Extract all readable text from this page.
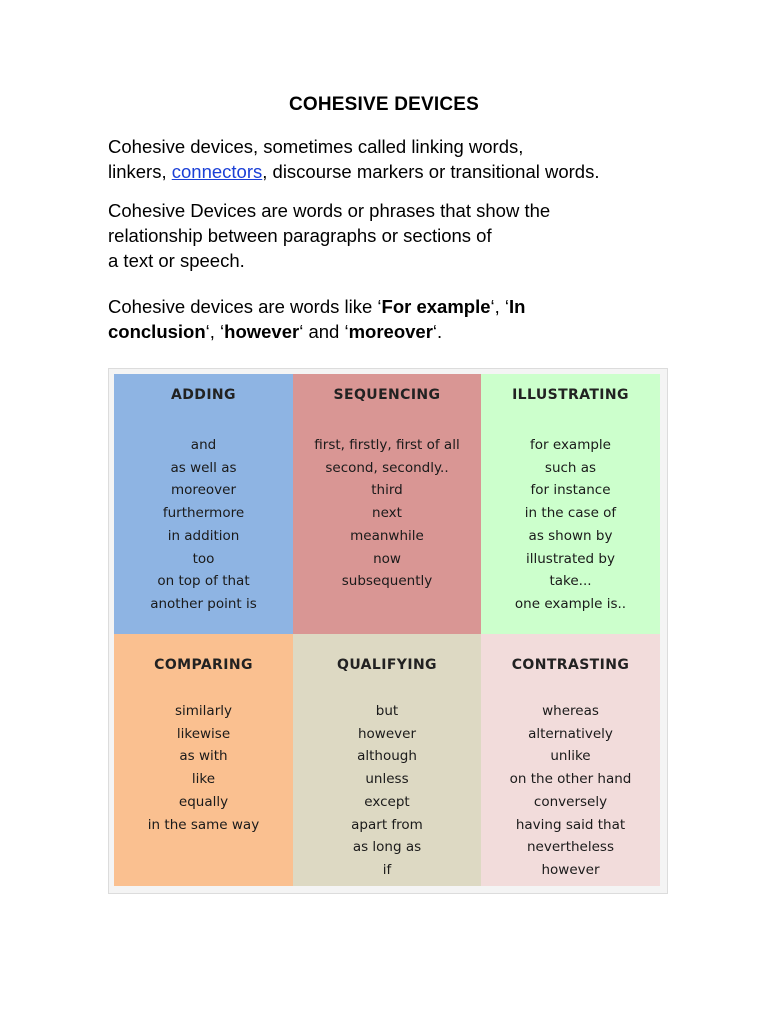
COHESIVE DEVICES
Cohesive devices, sometimes called linking words,
linkers, connectors, discourse markers or transitional words.
Cohesive Devices are words or phrases that show the
relationship between paragraphs or sections of
a text or speech.
Cohesive devices are words like ‘For example‘, ‘In
conclusion‘, ‘however‘ and ‘moreover‘.
ADDING
and
as well as
moreover
furthermore
in addition
too
on top of that
another point is
SEQUENCING
first, firstly, first of all
second, secondly..
third
next
meanwhile
now
subsequently
ILLUSTRATING
for example
such as
for instance
in the case of
as shown by
illustrated by
take...
one example is..
COMPARING
similarly
likewise
as with
like
equally
in the same way
QUALIFYING
but
however
although
unless
except
apart from
as long as
if
CONTRASTING
whereas
alternatively
unlike
on the other hand
conversely
having said that
nevertheless
however
